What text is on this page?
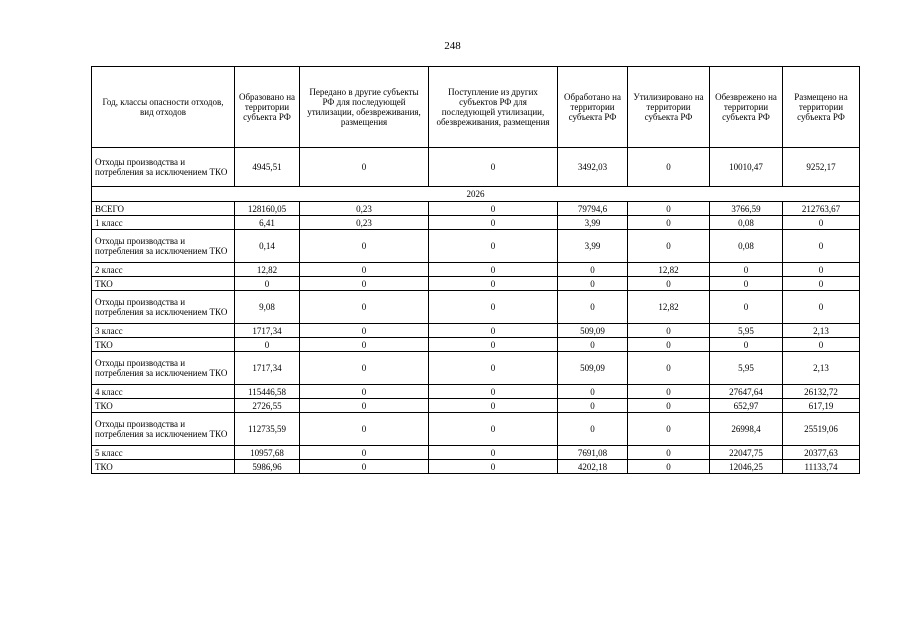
248
Год, классы опасности отходов, вид отходов	Образовано на территории субъекта РФ	Передано в другие субъекты РФ для последующей утилизации, обезвреживания, размещения	Поступление из других субъектов РФ для последующей утилизации, обезвреживания, размещения	Обработано на территории субъекта РФ	Утилизировано на территории субъекта РФ	Обезврежено на территории субъекта РФ	Размещено на территории субъекта РФ
Отходы производства и потребления за исключением ТКО	4945,51	0	0	3492,03	0	10010,47	9252,17
2026							
ВСЕГО	128160,05	0,23	0	79794,6	0	3766,59	212763,67
1 класс	6,41	0,23	0	3,99	0	0,08	0
Отходы производства и потребления за исключением ТКО	0,14	0	0	3,99	0	0,08	0
2 класс	12,82	0	0	0	12,82	0	0
ТКО	0	0	0	0	0	0	0
Отходы производства и потребления за исключением ТКО	9,08	0	0	0	12,82	0	0
3 класс	1717,34	0	0	509,09	0	5,95	2,13
ТКО	0	0	0	0	0	0	0
Отходы производства и потребления за исключением ТКО	1717,34	0	0	509,09	0	5,95	2,13
4 класс	115446,58	0	0	0	0	27647,64	26132,72
ТКО	2726,55	0	0	0	0	652,97	617,19
Отходы производства и потребления за исключением ТКО	112735,59	0	0	0	0	26998,4	25519,06
5 класс	10957,68	0	0	7691,08	0	22047,75	20377,63
ТКО	5986,96	0	0	4202,18	0	12046,25	11133,74
